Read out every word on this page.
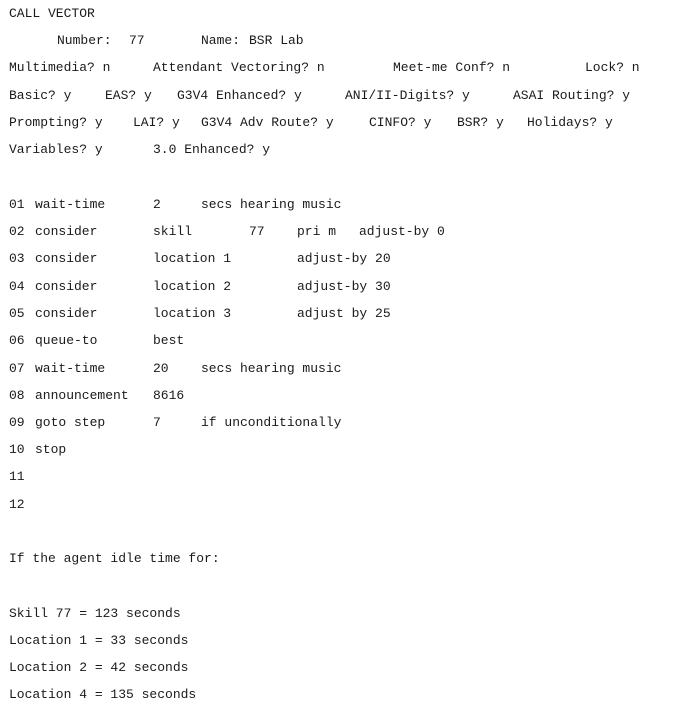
CALL VECTOR

Number:

77

	Name:

BSR Lab

Multimedia? n

	Attendant Vectoring? n

	Meet-me Conf? n

	Lock? n

Basic? y

	EAS? y

G3V4 Enhanced? y

	ANI/II-Digits? y

	ASAI Routing? y

Prompting? y

LAI? y

G3V4 Adv Route? y

	CINFO? y

BSR? y

Holidays? y

Variables? y

	3.0 Enhanced? y

01 wait-time	2	secs hearing music
02 consider	skill	77 pri m adjust-by 0
03 consider	location 1	adjust-by 20
04 consider	location 2	adjust-by 30
05 consider	location 3	adjust by 25
06 queue-to	best
07 wait-time	20 secs hearing music
08 announcement 8616
09 goto step	7	if unconditionally
10 stop
11
12
If the agent idle time for:
Skill 77 = 123 seconds
Location 1 = 33 seconds
Location 2 = 42 seconds
Location 4 = 135 seconds
